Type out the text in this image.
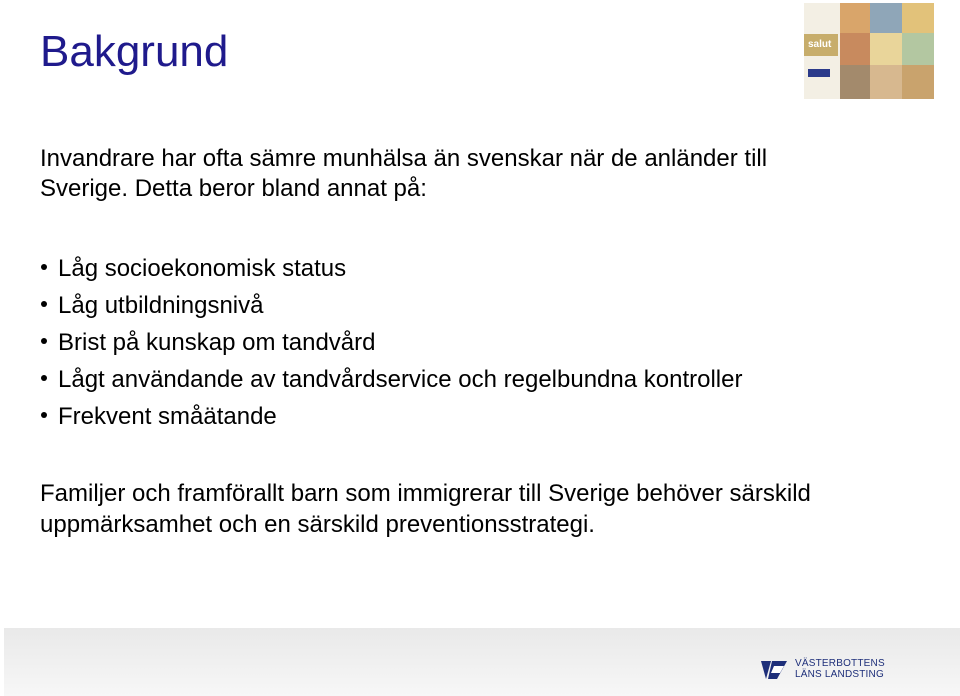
Bakgrund	salut

Invandrare har ofta sämre munhälsa än svenskar när de anländer till Sverige. Detta beror bland annat på:

Låg socioekonomisk status
Låg utbildningsnivå
Brist på kunskap om tandvård
Lågt användande av tandvårdservice och regelbundna kontroller
Frekvent småätande

Familjer och framförallt barn som immigrerar till Sverige behöver särskild uppmärksamhet och en särskild preventionsstrategi.

VÄSTERBOTTENS
LÄNS LANDSTING
